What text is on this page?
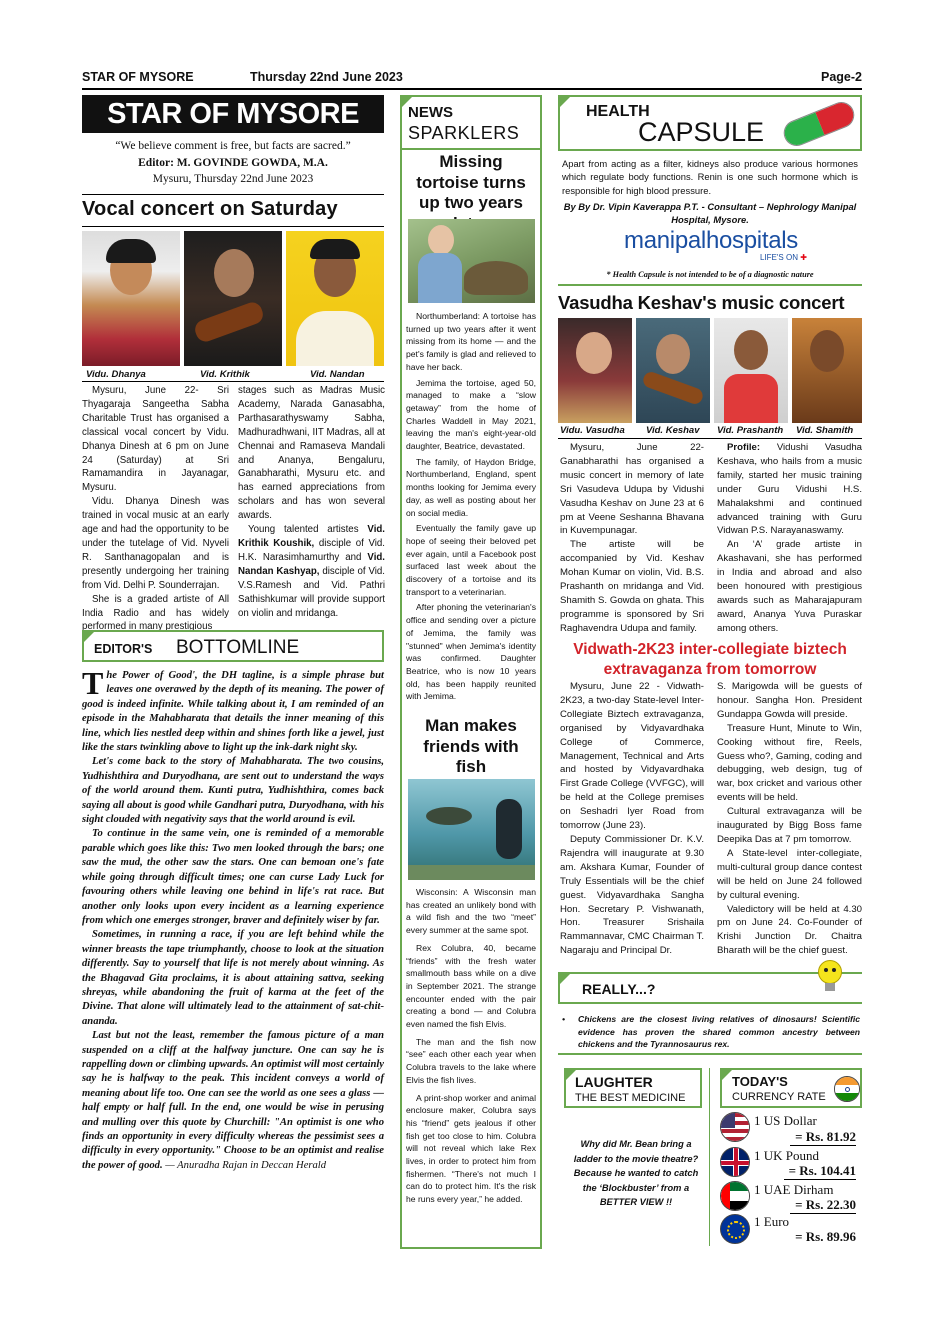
STAR OF MYSORE	Thursday 22nd June 2023	Page-2
STAR OF MYSORE
“We believe comment is free, but facts are sacred.”
Editor: M. GOVINDE GOWDA, M.A.
Mysuru, Thursday 22nd June 2023
Vocal concert on Saturday
Vidu. Dhanya	Vid. Krithik	Vid. Nandan

Mysuru, June 22- Sri Thyagaraja Sangeetha Sabha Charitable Trust has organised a classical vocal concert by Vidu. Dhanya Dinesh at 6 pm on June 24 (Saturday) at Sri Ramamandira in Jayanagar, Mysuru.

Vidu. Dhanya Dinesh was trained in vocal music at an early age and had the opportunity to be under the tutelage of Vid. Nyveli R. Santhanagopalan and is presently undergoing her training from Vid. Delhi P. Sounderrajan.

She is a graded artiste of All India Radio and has widely performed in many prestigious

stages such as Madras Music Academy, Narada Ganasabha, Parthasarathyswamy Sabha, Madhuradhwani, IIT Madras, all at Chennai and Ramaseva Mandali and Ananya, Bengaluru, Ganabharathi, Mysuru etc. and has earned appreciations from scholars and has won several awards.

Young talented artistes Vid. Krithik Koushik, disciple of Vid. H.K. Narasimhamurthy and Vid. Nandan Kashyap, disciple of Vid. V.S.Ramesh and Vid. Pathri Sathishkumar will provide support on violin and mridanga.

EDITOR'S BOTTOMLINE

The Power of Good', the DH tagline, is a simple phrase but leaves one overawed by the depth of its meaning. The power of good is indeed infinite. While talking about it, I am reminded of an episode in the Mahabharata that details the inner meaning of this line, which lies nestled deep within and shines forth like a jewel, just like the stars twinkling above to light up the ink-dark night sky.

Let's come back to the story of Mahabharata. The two cousins, Yudhishthira and Duryodhana, are sent out to understand the ways of the world around them. Kunti putra, Yudhishthira, comes back saying all about is good while Gandhari putra, Duryodhana, with his sight clouded with negativity says that the world around is evil.

To continue in the same vein, one is reminded of a memorable parable which goes like this: Two men looked through the bars; one saw the mud, the other saw the stars. One can bemoan one's fate while going through difficult times; one can curse Lady Luck for favouring others while leaving one behind in life's rat race. But another only looks upon every incident as a learning experience from which one emerges stronger, braver and definitely wiser by far.

Sometimes, in running a race, if you are left behind while the winner breasts the tape triumphantly, choose to look at the situation differently. Say to yourself that life is not merely about winning. As the Bhagavad Gita proclaims, it is about attaining sattva, seeking shreyas, while abandoning the fruit of karma at the feet of the Divine. That alone will ultimately lead to the attainment of sat-chit-ananda.

Last but not the least, remember the famous picture of a man suspended on a cliff at the halfway juncture. One can say he is rappelling down or climbing upwards. An optimist will most certainly say he is halfway to the peak. This incident conveys a world of meaning about life too. One can see the world as one sees a glass — half empty or half full. In the end, one would be wise in perusing and mulling over this quote by Churchill: "An optimist is one who finds an opportunity in every difficulty whereas the pessimist sees a difficulty in every opportunity." Choose to be an optimist and realise the power of good. — Anuradha Rajan in Deccan Herald

NEWS
SPARKLERS
Missing tortoise turns up two years

Northumberland: A tortoise has turned up two years after it went missing from its home — and the pet's family is glad and relieved to have her back.

Jemima the tortoise, aged 50, managed to make a “slow getaway” from the home of Charles Waddell in May 2021, leaving the man's eight-year-old daughter, Beatrice, devastated.

The family, of Haydon Bridge, Northumberland, England, spent months looking for Jemima every day, as well as posting about her on social media.

Eventually the family gave up hope of seeing their beloved pet ever again, until a Facebook post surfaced last week about the discovery of a tortoise and its transport to a veterinarian.

After phoning the veterinarian's office and sending over a picture of Jemima, the family was "stunned" when Jemima's identity was confirmed. Daughter Beatrice, who is now 10 years old, has been happily reunited with Jemima.

Man makes friends with fish

Wisconsin: A Wisconsin man has created an unlikely bond with a wild fish and the two “meet” every summer at the same spot.

Rex Colubra, 40, became “friends” with the fresh water smallmouth bass while on a dive in September 2021. The strange encounter ended with the pair creating a bond — and Colubra even named the fish Elvis.

The man and the fish now “see” each other each year when Colubra travels to the lake where Elvis the fish lives.

A print-shop worker and animal enclosure maker, Colubra says his “friend” gets jealous if other fish get too close to him. Colubra will not reveal which lake Rex lives, in order to protect him from fishermen. “There's not much I can do to protect him. It's the risk he runs every year,” he added.

HEALTH
CAPSULE
Apart from acting as a filter, kidneys also produce various hormones which regulate body functions. Renin is one such hormone which is responsible for high blood pressure.
By By Dr. Vipin Kaverappa P.T. - Consultant – Nephrology Manipal Hospital, Mysore.
manipalhospitals
LIFE'S ON ✚
* Health Capsule is not intended to be of a diagnostic nature
Vasudha Keshav's music concert
Vidu. Vasudha Vid. Keshav Vid. Prashanth Vid. Shamith

Mysuru, June 22- Ganabharathi has organised a music concert in memory of late Sri Vasudeva Udupa by Vidushi Vasudha Keshav on June 23 at 6 pm at Veene Seshanna Bhavana in Kuvempunagar.

The artiste will be accompanied by Vid. Keshav Mohan Kumar on violin, Vid. B.S. Prashanth on mridanga and Vid. Shamith S. Gowda on ghata. This programme is sponsored by Sri Raghavendra Udupa and family.

Profile: Vidushi Vasudha Keshava, who hails from a music family, started her music training under Guru Vidushi H.S. Mahalakshmi and continued advanced training with Guru Vidwan P.S. Narayanaswamy.

An ‘A’ grade artiste in Akashavani, she has performed in India and abroad and also been honoured with prestigious awards such as Maharajapuram award, Ananya Yuva Puraskar among others.

Vidwath-2K23 inter-collegiate biztech extravaganza from tomorrow

Mysuru, June 22 - Vidwath-2K23, a two-day State-level Inter-Collegiate Biztech extravaganza, organised by Vidyavardhaka College of Commerce, Management, Technical and Arts and hosted by Vidyavardhaka First Grade College (VVFGC), will be held at the College premises on Seshadri Iyer Road from tomorrow (June 23).

Deputy Commissioner Dr. K.V. Rajendra will inaugurate at 9.30 am. Akshara Kumar, Founder of Truly Essentials will be the chief guest. Vidyavardhaka Sangha Hon. Secretary P. Vishwanath, Hon. Treasurer Srishaila Rammannavar, CMC Chairman T. Nagaraju and Principal Dr.

S. Marigowda will be guests of honour. Sangha Hon. President Gundappa Gowda will preside.

Treasure Hunt, Minute to Win, Cooking without fire, Reels, Guess who?, Gaming, coding and debugging, web design, tug of war, box cricket and various other events will be held.

Cultural extravaganza will be inaugurated by Bigg Boss fame Deepika Das at 7 pm tomorrow.

A State-level inter-collegiate, multi-cultural group dance contest will be held on June 24 followed by cultural evening.

Valedictory will be held at 4.30 pm on June 24. Co-Founder of Krishi Junction Dr. Chaitra Bharath will be the chief guest.

REALLY...?
• Chickens are the closest living relatives of dinosaurs! Scientific evidence has proven the shared common ancestry between chickens and the Tyrannosaurus rex.
LAUGHTER
THE BEST MEDICINE
Why did Mr. Bean bring a ladder to the movie theatre? Because he wanted to catch the ‘Blockbuster’ from a BETTER VIEW !!
TODAY'S
CURRENCY RATE
1 US Dollar
= Rs. 81.92
1 UK Pound
= Rs. 104.41
1 UAE Dirham
= Rs. 22.30
1 Euro
= Rs. 89.96
